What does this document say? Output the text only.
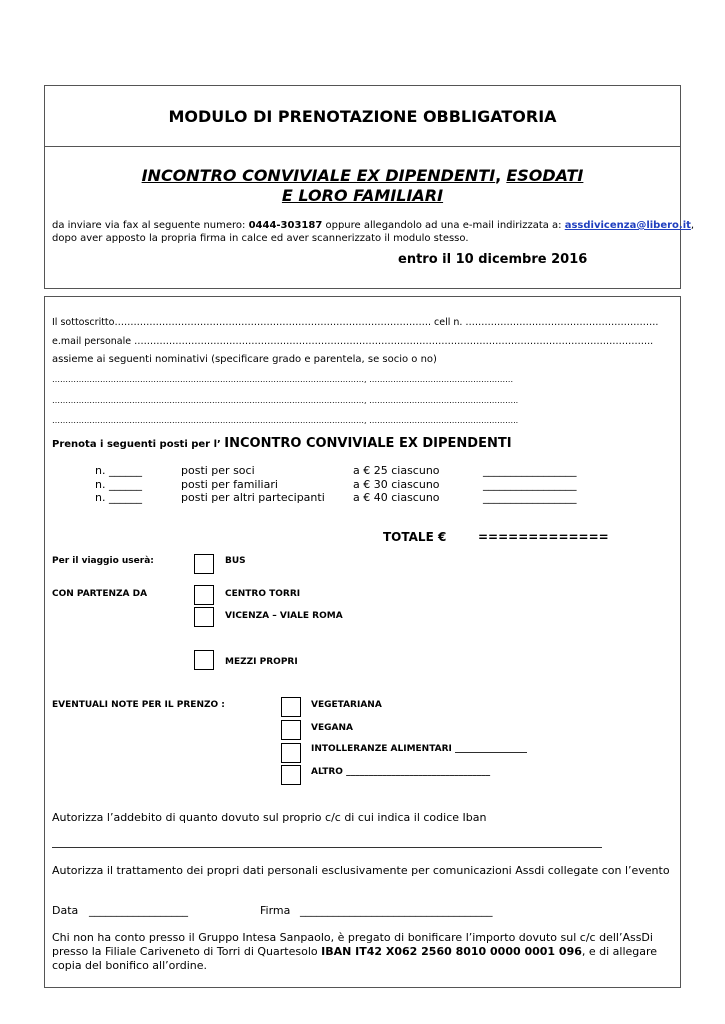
MODULO DI PRENOTAZIONE OBBLIGATORIA
INCONTRO CONVIVIALE EX DIPENDENTI, ESODATI
E LORO FAMILIARI
da inviare via fax al seguente numero: 0444-303187 oppure allegandolo ad una e-mail indirizzata a: assdivicenza@libero.it,
dopo aver apposto la propria firma in calce ed aver scannerizzato il modulo stesso.
entro il 10 dicembre 2016
Il sottoscritto………………………………………………………………………………………. cell n. …………………………………………………….
e.mail personale ………………………………………………………………………………………………………………………………………………..
assieme ai seguenti nominativi (specificare grado e parentela, se socio o no)
………………………………………………………………………………………………………, ………………………………………………
………………………………………………………………………………………………………, ………………………………………………..
………………………………………………………………………………………………………, ………………………………………………..
Prenota i seguenti posti per l’ INCONTRO CONVIVIALE EX DIPENDENTI
n. ______	posti per soci	a € 25 ciascuno	_________________
n. ______	posti per familiari	a € 30 ciascuno	_________________
n. ______	posti per altri partecipanti	a € 40 ciascuno	_________________
TOTALE €	=============
Per il viaggio userà:	BUS
CON PARTENZA DA	CENTRO TORRI
VICENZA – VIALE ROMA
MEZZI PROPRI
EVENTUALI NOTE PER IL PRENZO :	VEGETARIANA
VEGANA
INTOLLERANZE ALIMENTARI ________________
ALTRO ________________________________
Autorizza l’addebito di quanto dovuto sul proprio c/c di cui indica il codice Iban
Autorizza il trattamento dei propri dati personali esclusivamente per comunicazioni Assdi collegate con l’evento
Data __________________	Firma ___________________________________
Chi non ha conto presso il Gruppo Intesa Sanpaolo, è pregato di bonificare l’importo dovuto sul c/c dell’AssDi
presso la Filiale Cariveneto di Torri di Quartesolo IBAN IT42 X062 2560 8010 0000 0001 096, e di allegare
copia del bonifico all’ordine.
